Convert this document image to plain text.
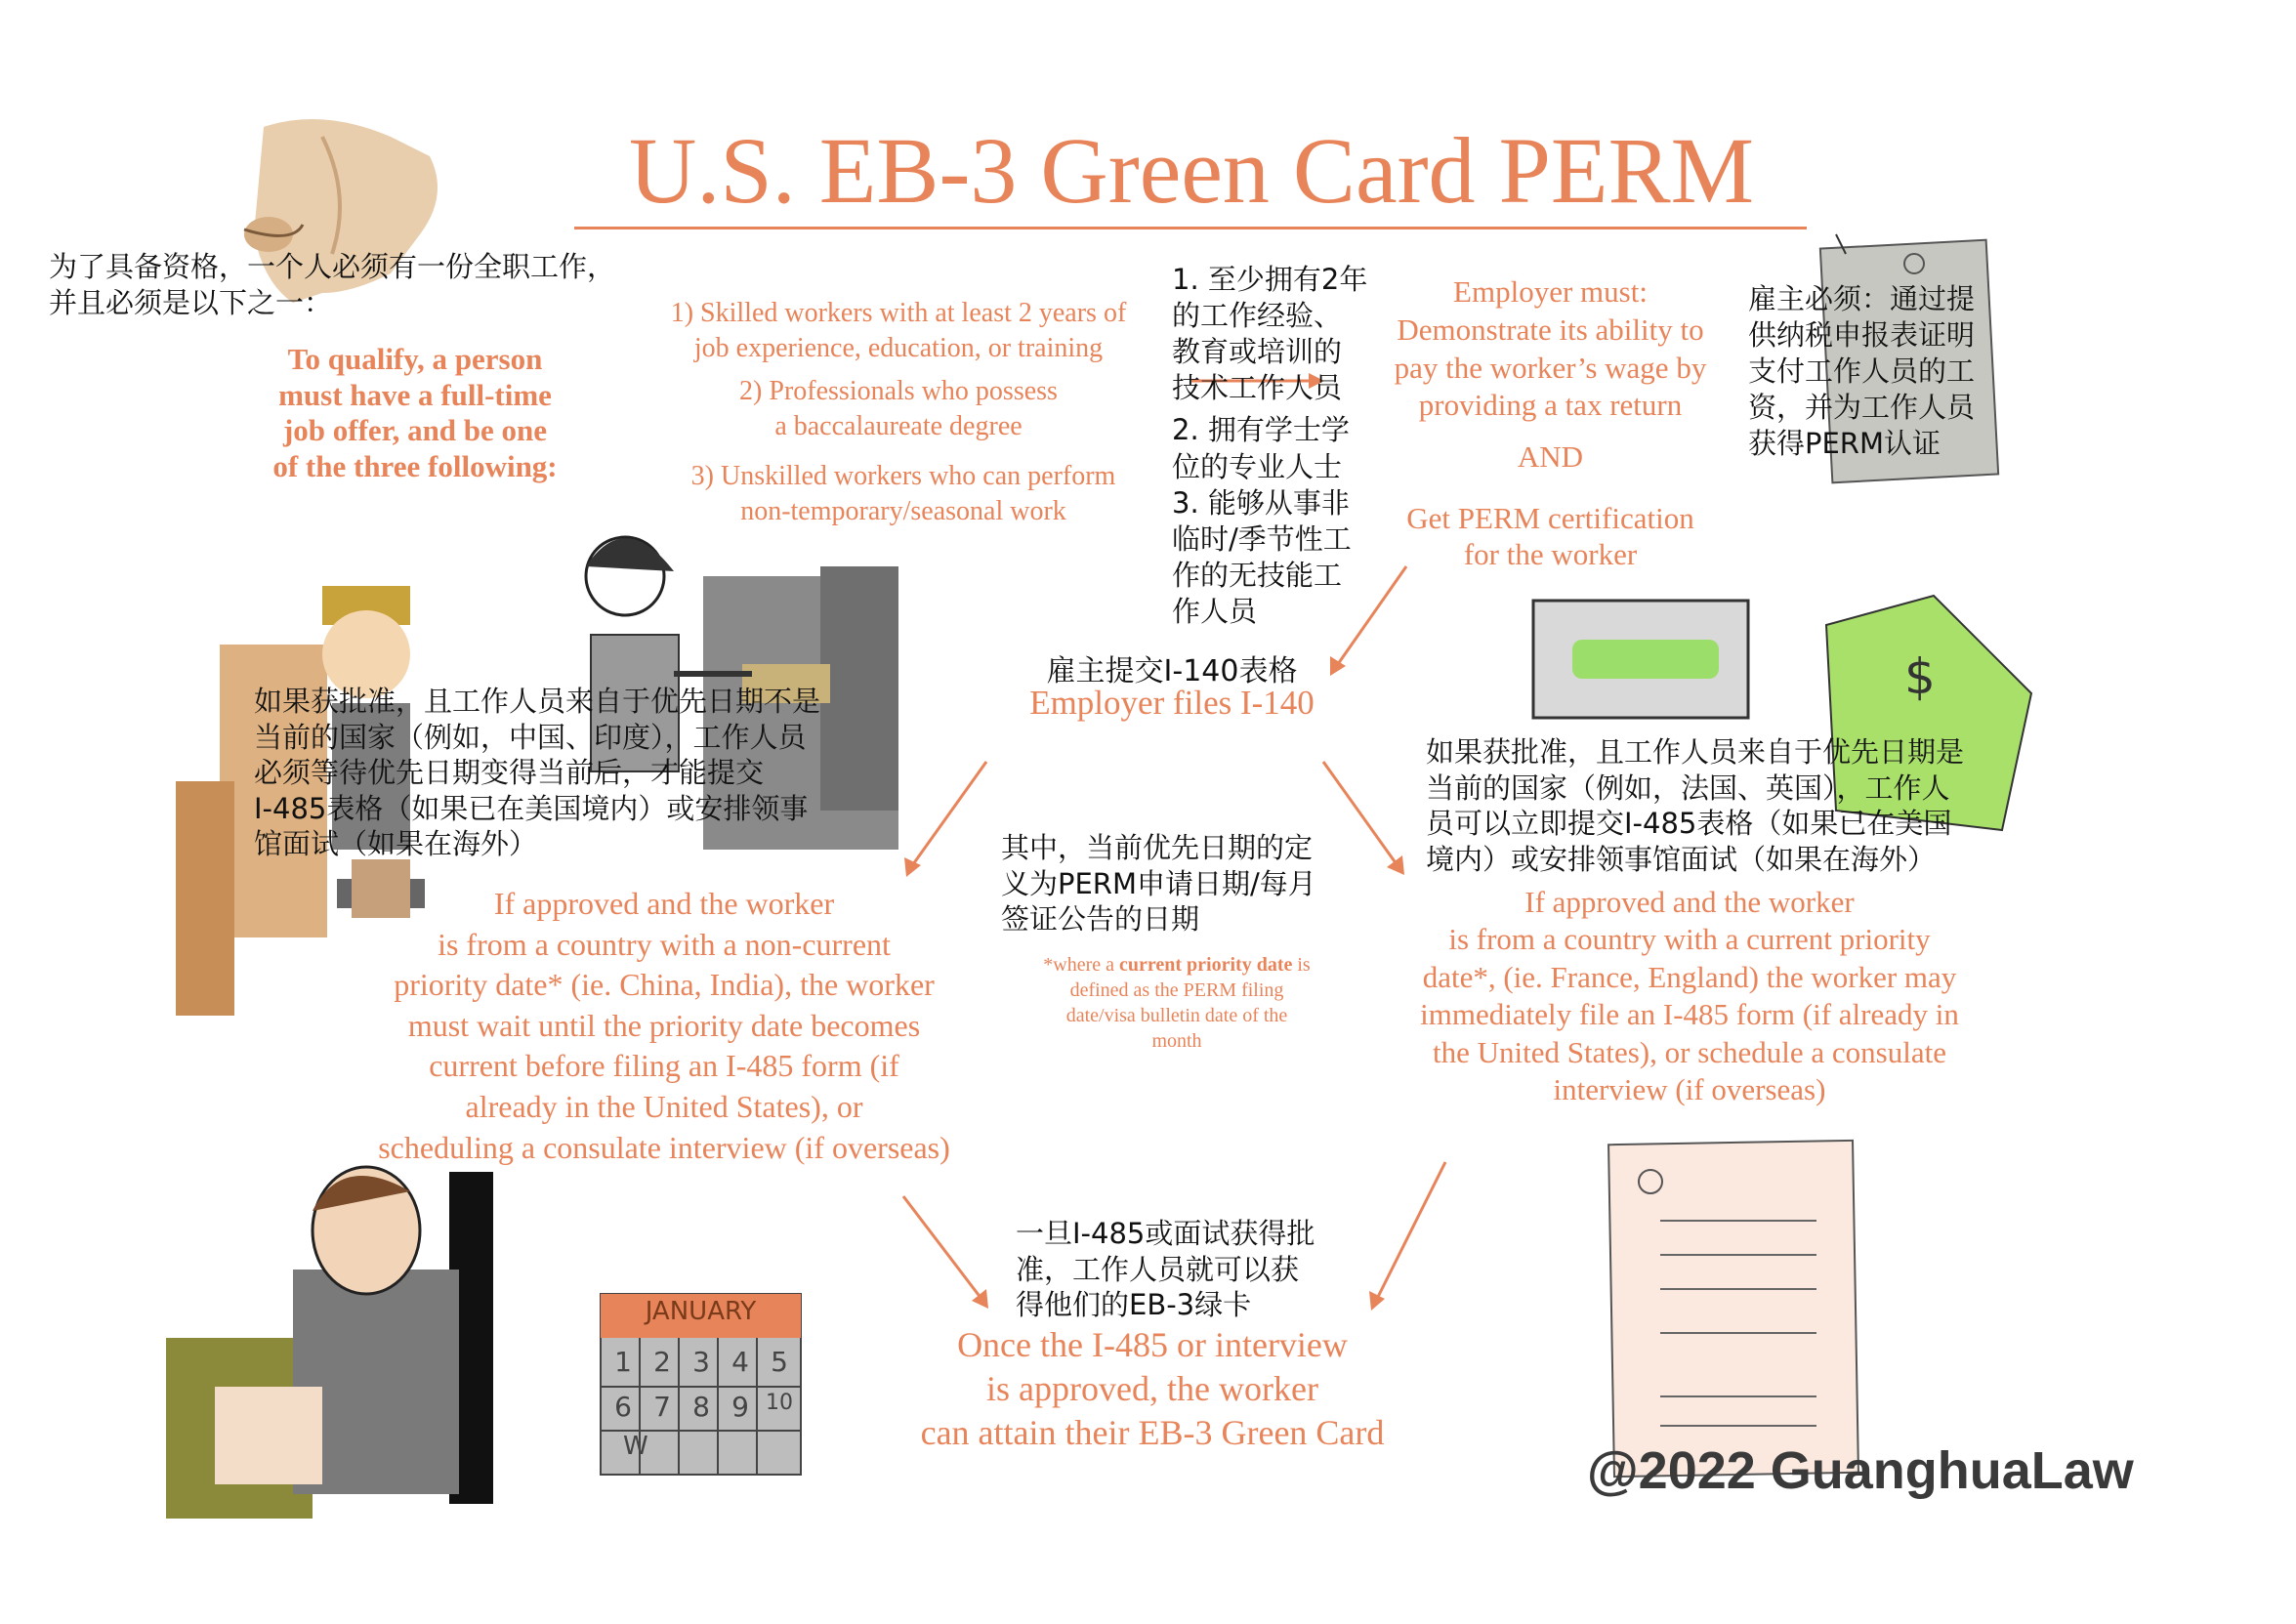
$
U.S. EB-3 Green Card PERM
为了具备资格，一个人必须有一份全职工作，并且必须是以下之一：
To qualify, a person
must have a full-time
job offer, and be one
of the three following:
1) Skilled workers with at least 2 years of
job experience, education, or training
2) Professionals who possess
a baccalaureate degree
3) Unskilled workers who can perform
non-temporary/seasonal work
1. 至少拥有2年
的工作经验、
教育或培训的
技术工作人员
2. 拥有学士学
位的专业人士
3. 能够从事非
临时/季节性工
作的无技能工
作人员
Employer must:
Demonstrate its ability to
pay the worker’s wage by
providing a tax return
AND
Get PERM certification
for the worker
雇主必须：通过提
供纳税申报表证明
支付工作人员的工
资，并为工作人员
获得PERM认证
雇主提交I-140表格
Employer files I-140
如果获批准，且工作人员来自于优先日期不是
当前的国家（例如，中国、印度），工作人员
必须等待优先日期变得当前后，才能提交
I-485表格（如果已在美国境内）或安排领事
馆面试（如果在海外）
If approved and the worker
is from a country with a non-current
priority date* (ie. China, India), the worker
must wait until the priority date becomes
current before filing an I-485 form (if
already in the United States), or
scheduling a consulate interview (if overseas)
其中，当前优先日期的定
义为PERM申请日期/每月
签证公告的日期
*where a current priority date is defined as the PERM filing date/visa bulletin date of the month
如果获批准，且工作人员来自于优先日期是
当前的国家（例如，法国、英国），工作人
员可以立即提交I-485表格（如果已在美国
境内）或安排领事馆面试（如果在海外）
If approved and the worker
is from a country with a current priority
date*, (ie. France, England) the worker may
immediately file an I-485 form (if already in
the United States), or schedule a consulate
interview (if overseas)
一旦I-485或面试获得批
准，工作人员就可以获
得他们的EB-3绿卡
Once the I-485 or interview
is approved, the worker
can attain their EB-3 Green Card
JANUARY
1 2 3 4 5
6 7 8 9 10
W	@2022 GuanghuaLaw
